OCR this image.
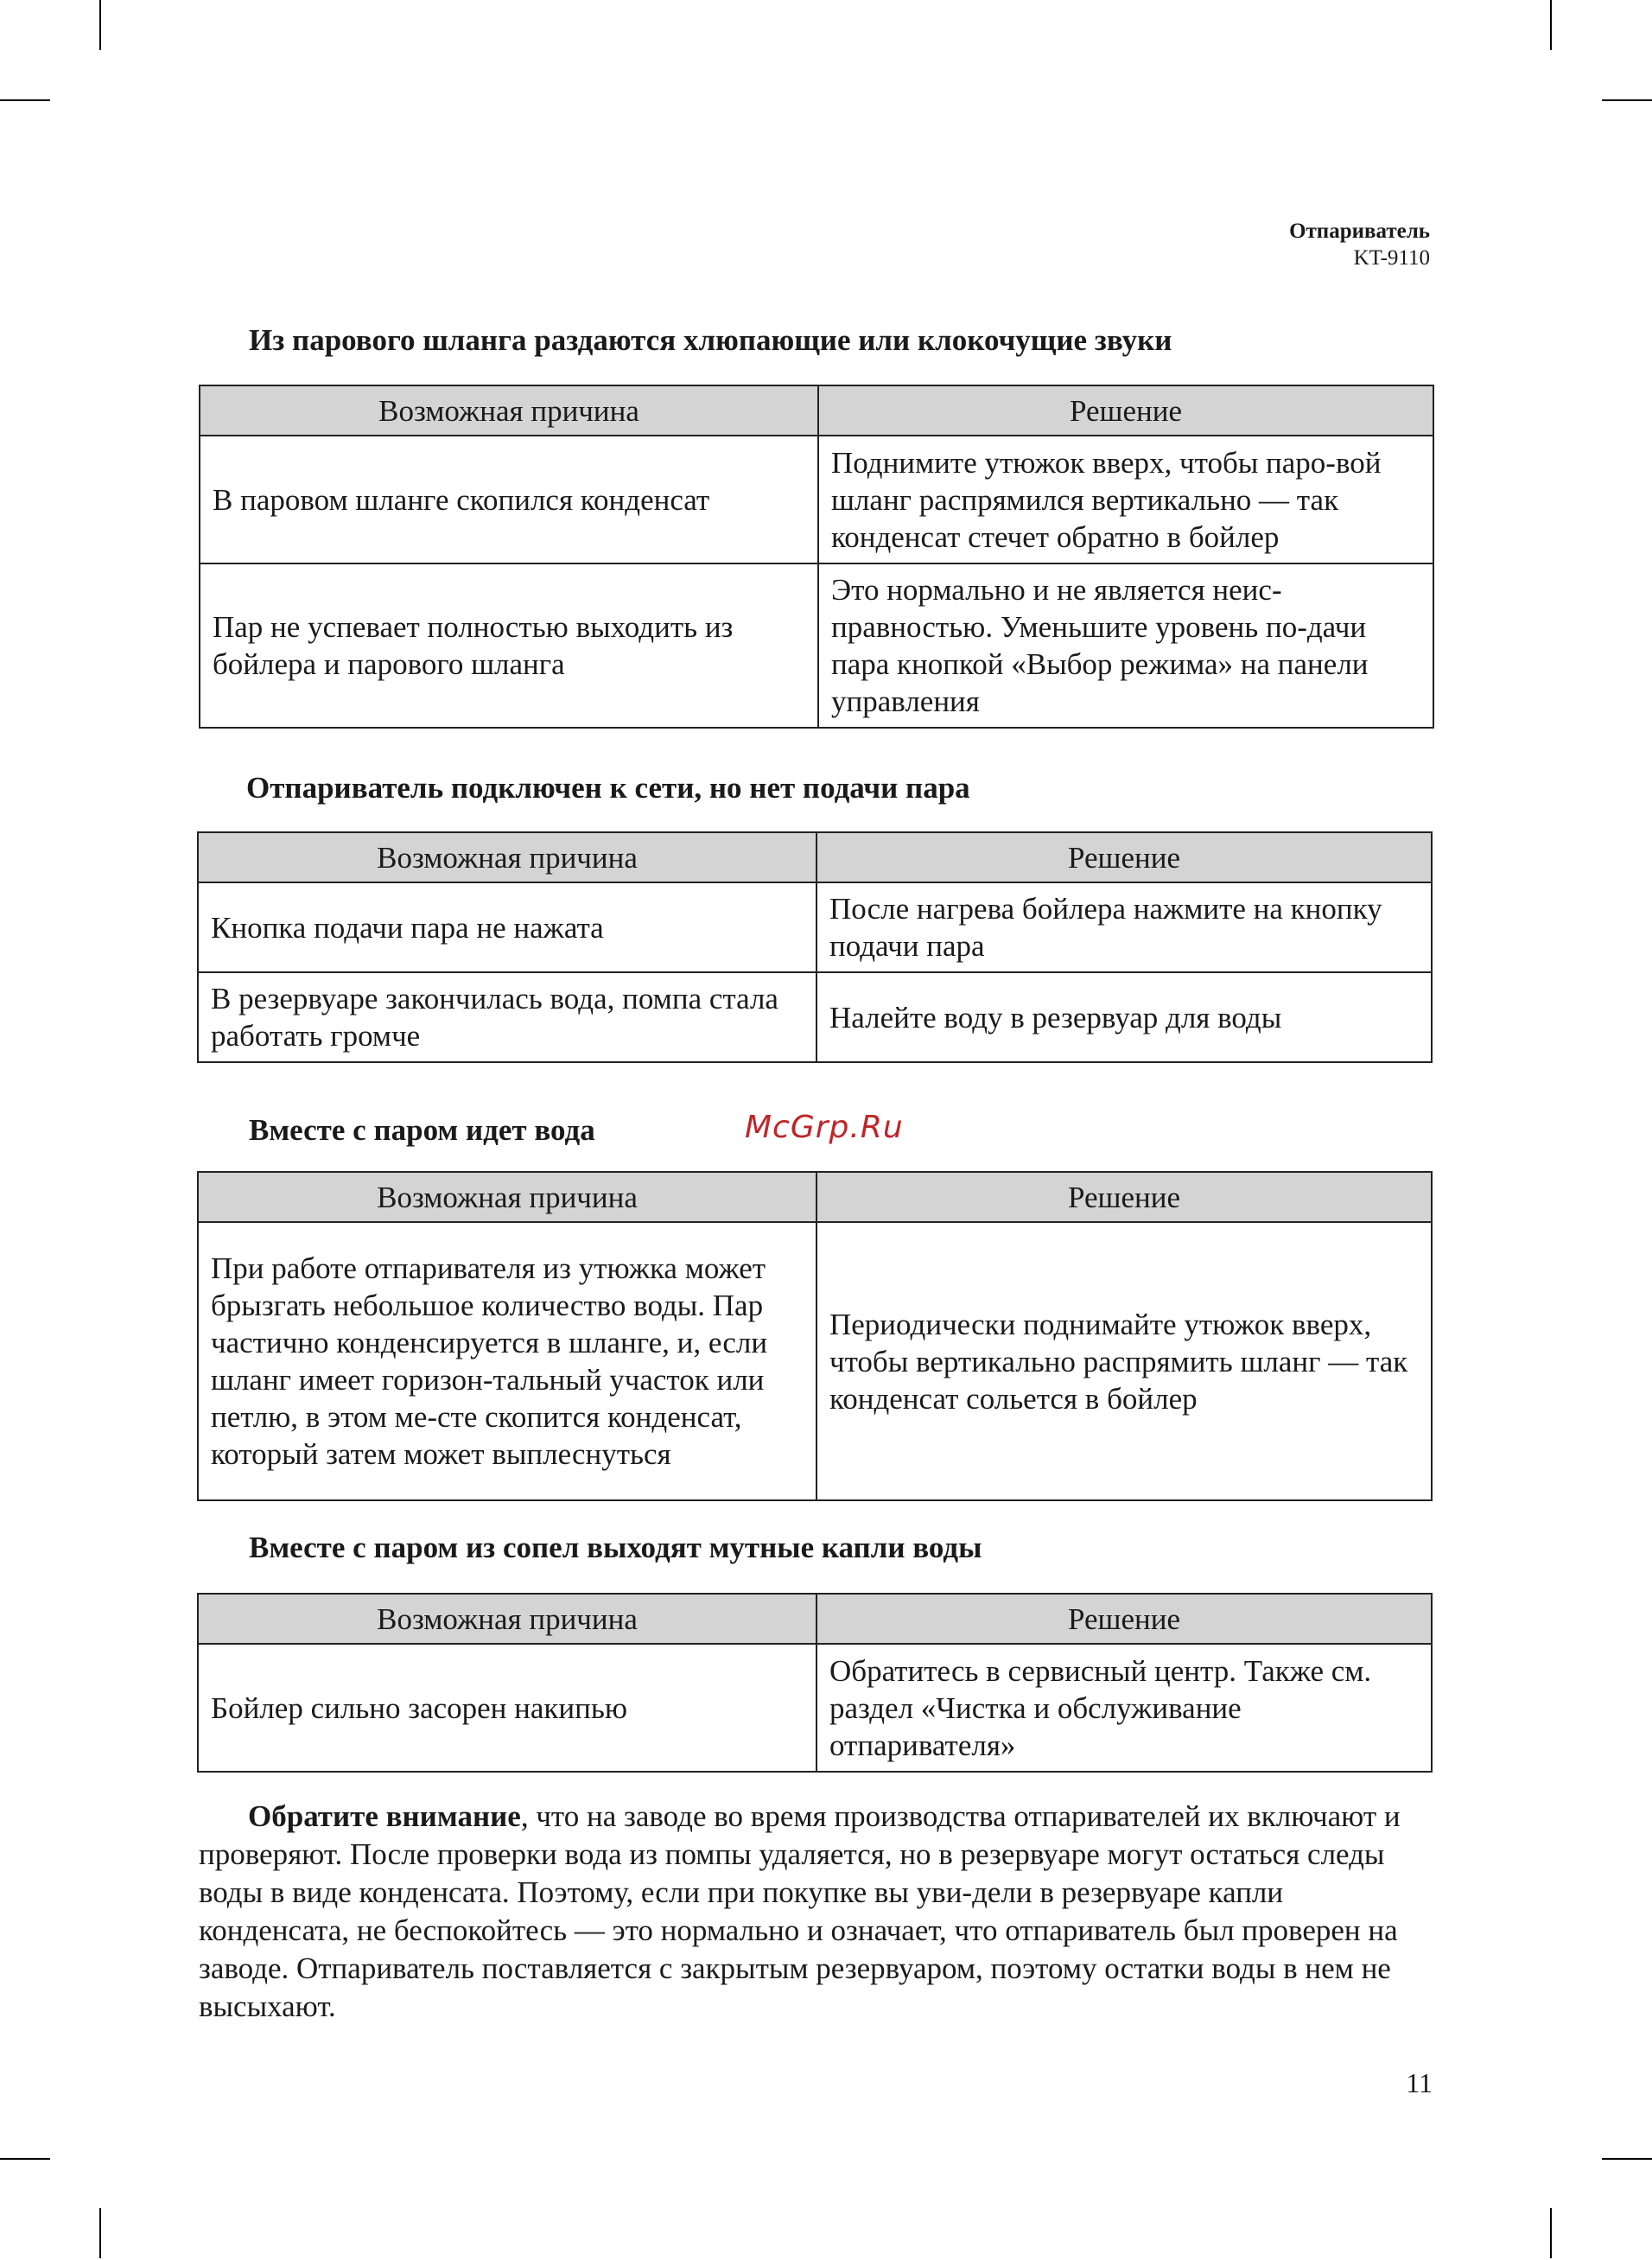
Отпариватель
KT-9110
Из парового шланга раздаются хлюпающие или клокочущие звуки
Возможная причина	Решение
В паровом шланге скопился конденсат	Поднимите утюжок вверх, чтобы паро-вой шланг распрямился вертикально — так конденсат стечет обратно в бойлер
Пар не успевает полностью выходить из бойлера и парового шланга	Это нормально и не является неис-правностью. Уменьшите уровень по-дачи пара кнопкой «Выбор режима» на панели управления
Отпариватель подключен к сети, но нет подачи пара
Возможная причина	Решение
Кнопка подачи пара не нажата	После нагрева бойлера нажмите на кнопку подачи пара
В резервуаре закончилась вода, помпа стала работать громче	Налейте воду в резервуар для воды
Вместе с паром идет вода	McGrp.Ru
Возможная причина	Решение
При работе отпаривателя из утюжка может брызгать небольшое количество воды. Пар частично конденсируется в шланге, и, если шланг имеет горизон-тальный участок или петлю, в этом ме-сте скопится конденсат, который затем может выплеснуться	Периодически поднимайте утюжок вверх, чтобы вертикально распрямить шланг — так конденсат сольется в бойлер
Вместе с паром из сопел выходят мутные капли воды
Возможная причина	Решение
Бойлер сильно засорен накипью	Обратитесь в сервисный центр. Также см. раздел «Чистка и обслуживание отпаривателя»
Обратите внимание, что на заводе во время производства отпаривателей их включают и проверяют. После проверки вода из помпы удаляется, но в резервуаре могут остаться следы воды в виде конденсата. Поэтому, если при покупке вы уви-дели в резервуаре капли конденсата, не беспокойтесь — это нормально и означает, что отпариватель был проверен на заводе. Отпариватель поставляется с закрытым резервуаром, поэтому остатки воды в нем не высыхают.
11
